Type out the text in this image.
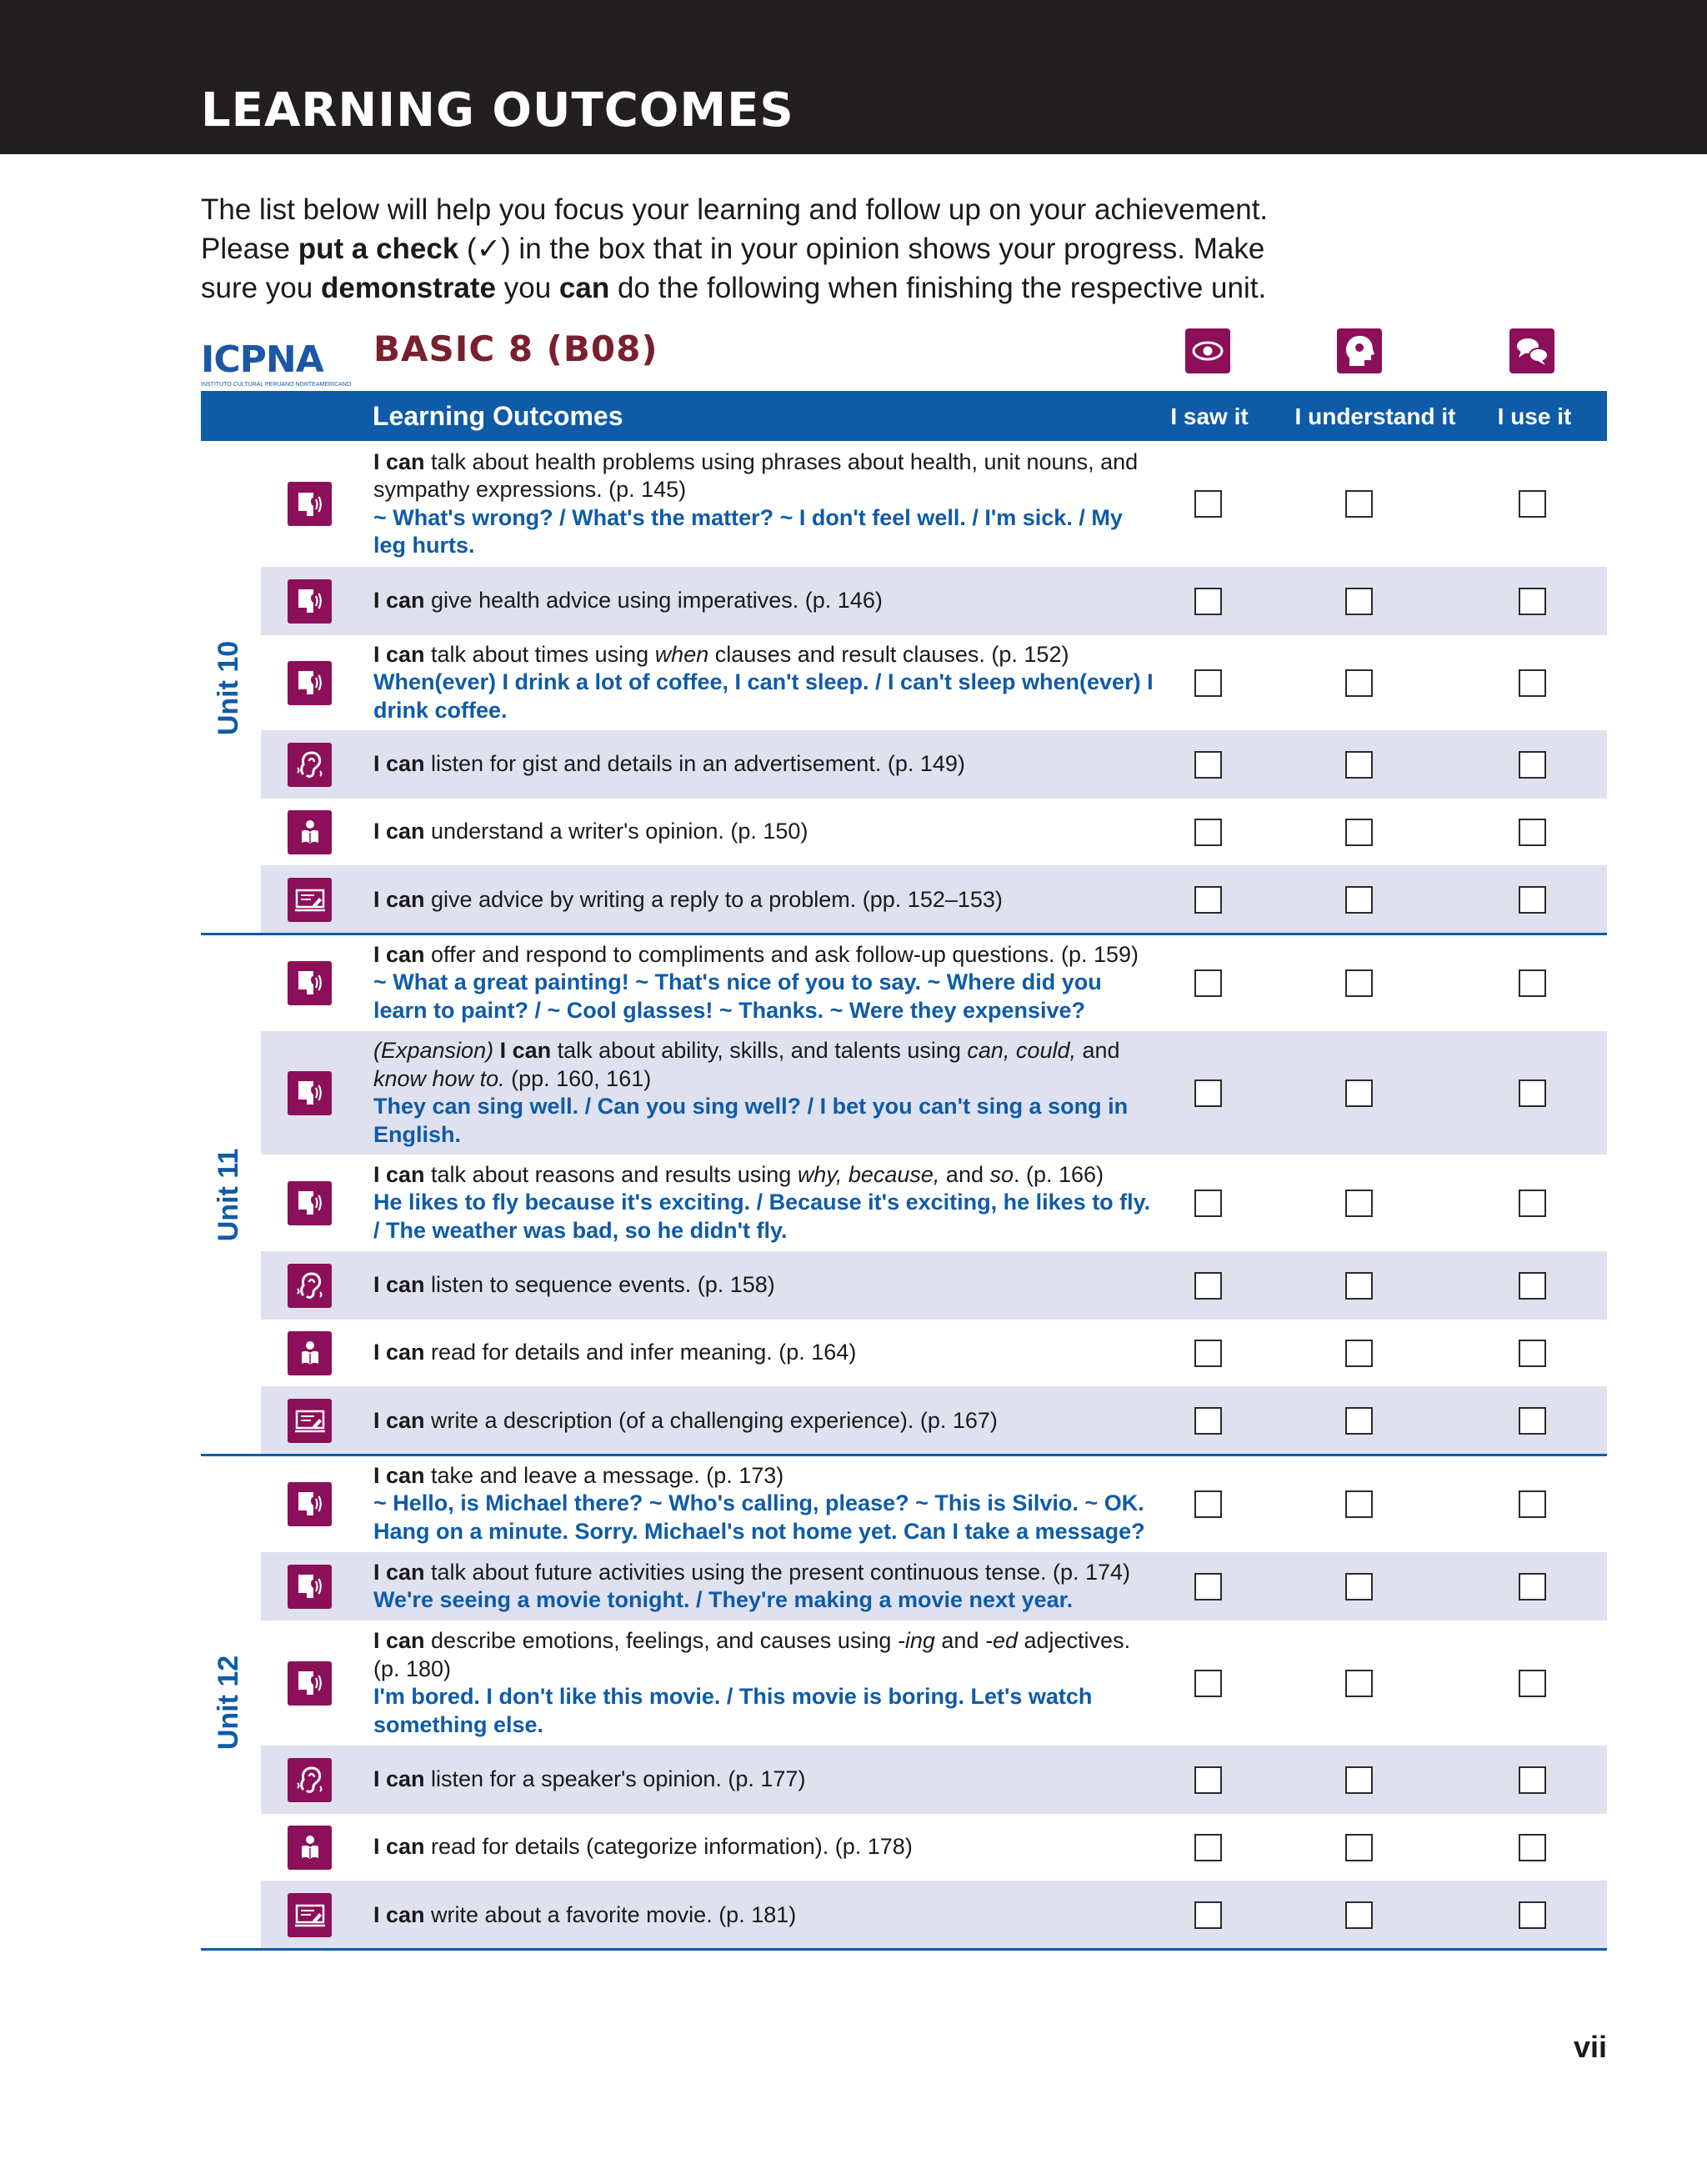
LEARNING OUTCOMES
The list below will help you focus your learning and follow up on your achievement.
Please put a check (✓) in the box that in your opinion shows your progress. Make
sure you demonstrate you can do the following when finishing the respective unit.
ICPNA
INSTITUTO CULTURAL PERUANO NORTEAMERICANO
BASIC 8 (B08)
Learning Outcomes	I saw it	I understand it	I use it
I can talk about health problems using phrases about health, unit nouns, and sympathy expressions. (p. 145)
~ What's wrong? / What's the matter? ~ I don't feel well. / I'm sick. / My leg hurts.
I can give health advice using imperatives. (p. 146)
I can talk about times using when clauses and result clauses. (p. 152)
When(ever) I drink a lot of coffee, I can't sleep. / I can't sleep when(ever) I drink coffee.
I can listen for gist and details in an advertisement. (p. 149)
I can understand a writer's opinion. (p. 150)
I can give advice by writing a reply to a problem. (pp. 152–153)
Unit 10
I can offer and respond to compliments and ask follow-up questions. (p. 159)
~ What a great painting! ~ That's nice of you to say. ~ Where did you learn to paint? / ~ Cool glasses! ~ Thanks. ~ Were they expensive?
(Expansion) I can talk about ability, skills, and talents using can, could, and know how to. (pp. 160, 161)
They can sing well. / Can you sing well? / I bet you can't sing a song in English.
I can talk about reasons and results using why, because, and so. (p. 166)
He likes to fly because it's exciting. / Because it's exciting, he likes to fly. / The weather was bad, so he didn't fly.
I can listen to sequence events. (p. 158)
I can read for details and infer meaning. (p. 164)
I can write a description (of a challenging experience). (p. 167)
Unit 11
I can take and leave a message. (p. 173)
~ Hello, is Michael there? ~ Who's calling, please? ~ This is Silvio. ~ OK. Hang on a minute. Sorry. Michael's not home yet. Can I take a message?
I can talk about future activities using the present continuous tense. (p. 174)
We're seeing a movie tonight. / They're making a movie next year.
I can describe emotions, feelings, and causes using -ing and -ed adjectives. (p. 180)
I'm bored. I don't like this movie. / This movie is boring. Let's watch something else.
I can listen for a speaker's opinion. (p. 177)
I can read for details (categorize information). (p. 178)
I can write about a favorite movie. (p. 181)
Unit 12
vii
